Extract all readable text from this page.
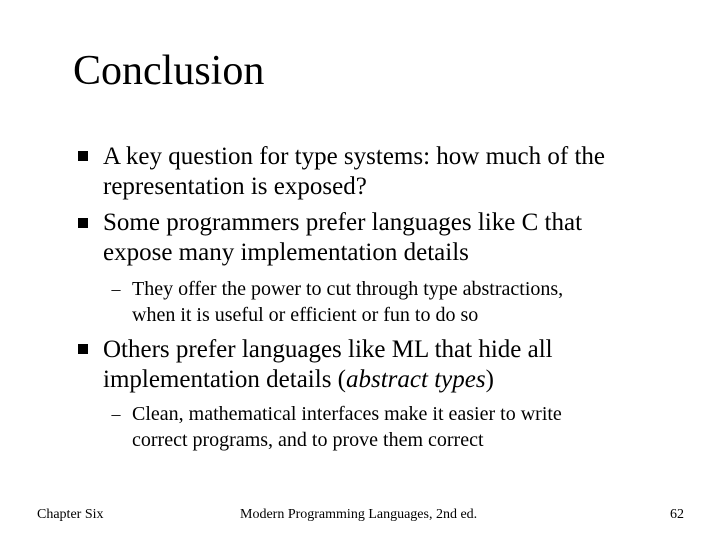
Conclusion
A key question for type systems: how much of the
representation is exposed?
Some programmers prefer languages like C that
expose many implementation details
– They offer the power to cut through type abstractions,
when it is useful or efficient or fun to do so
Others prefer languages like ML that hide all
implementation details (abstract types)
– Clean, mathematical interfaces make it easier to write
correct programs, and to prove them correct
Chapter Six	Modern Programming Languages, 2nd ed.	62
